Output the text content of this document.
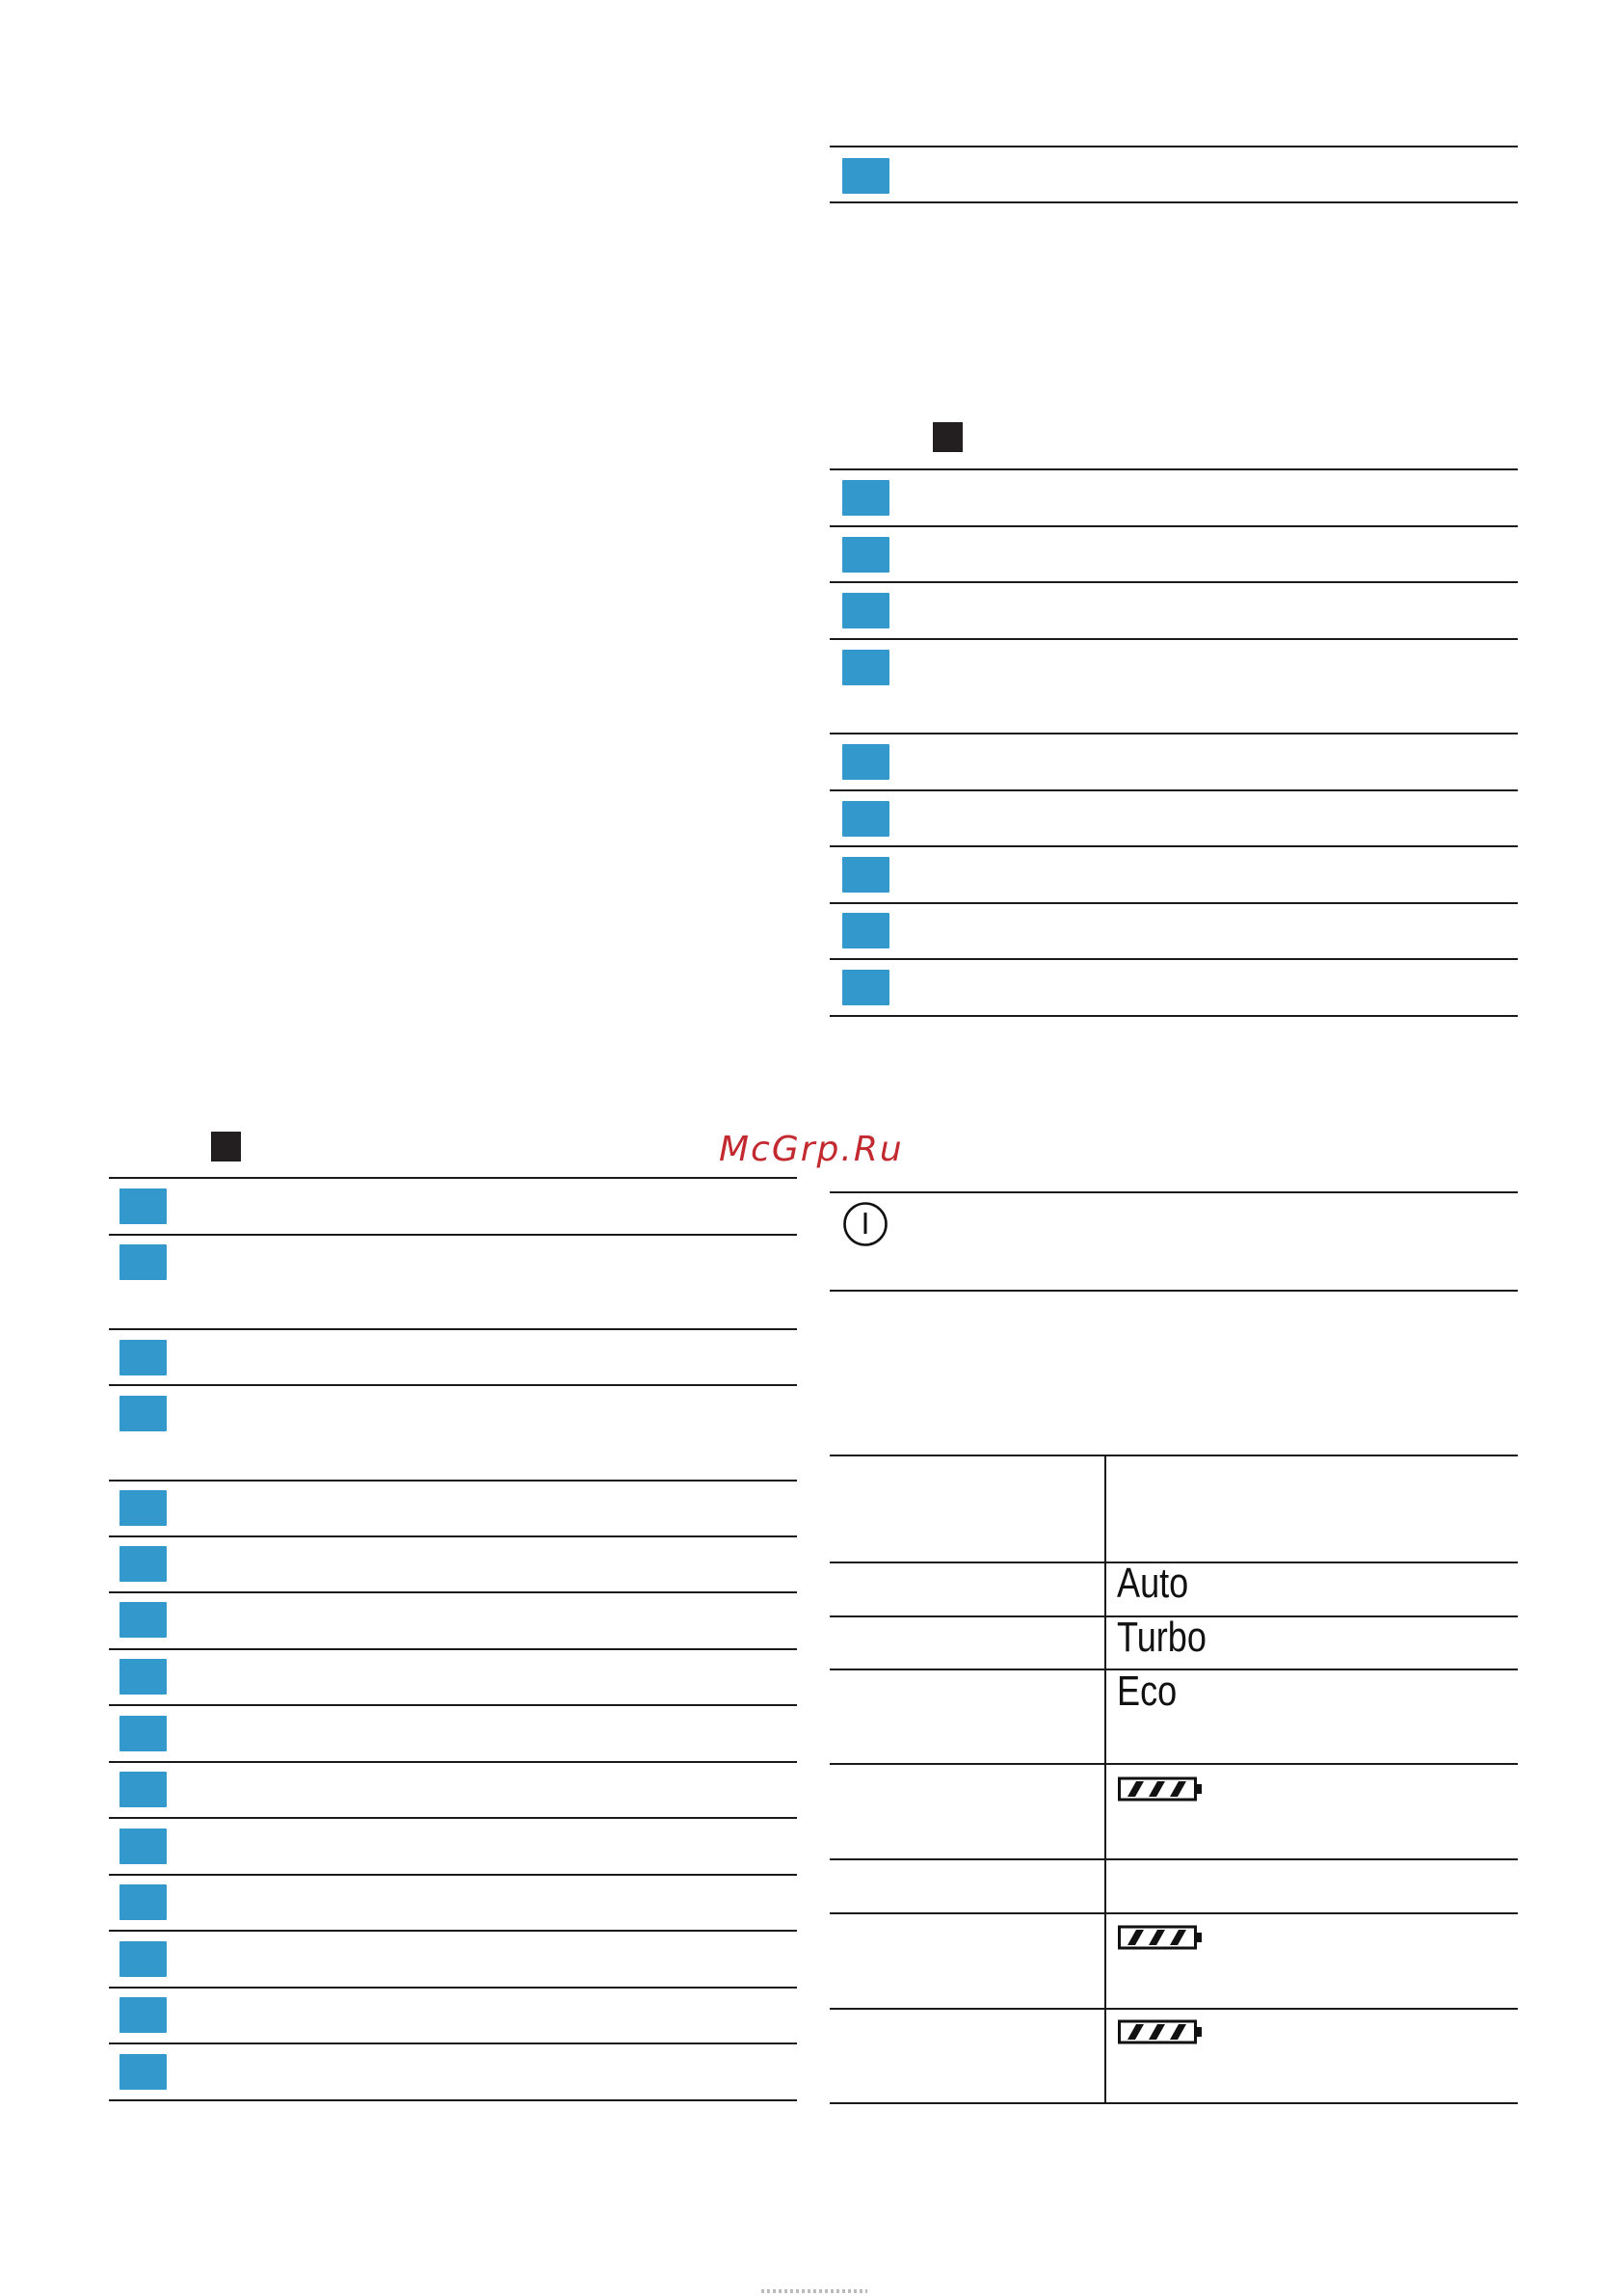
McGrp.Ru
Auto
Turbo
Eco
